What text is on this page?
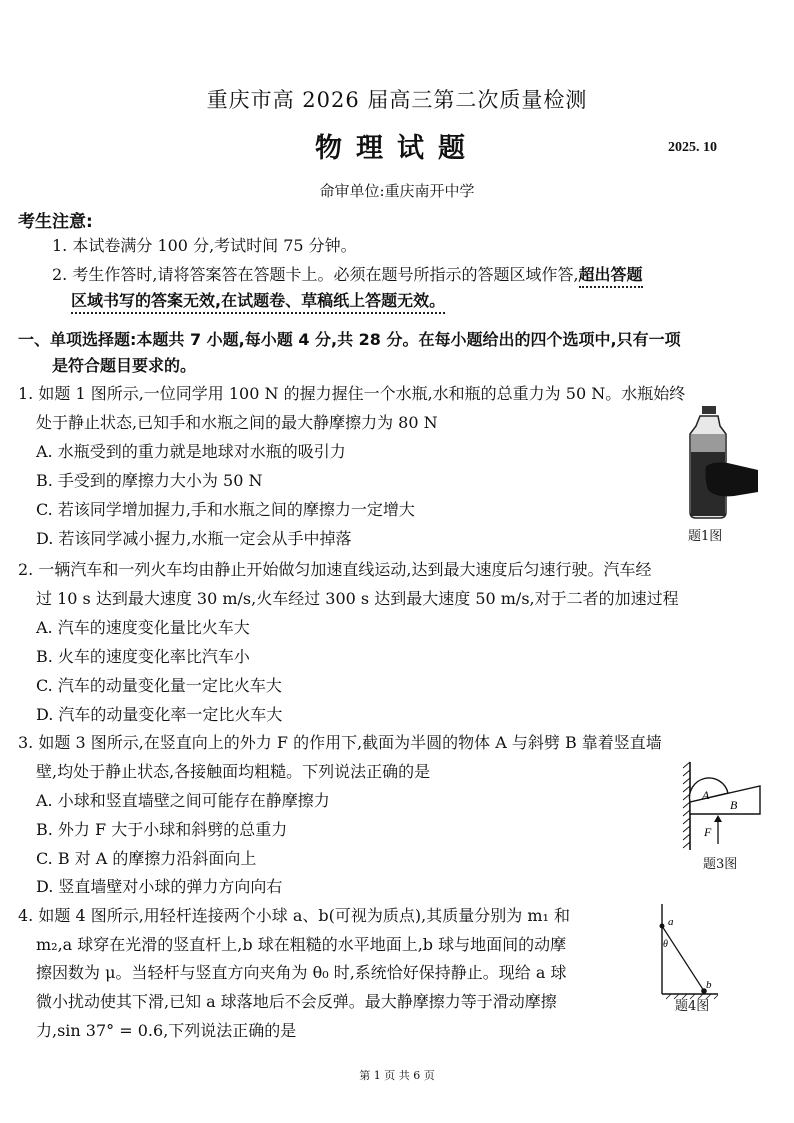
重庆市高 2026 届高三第二次质量检测
物理试题	2025. 10
命审单位:重庆南开中学
考生注意:
1. 本试卷满分 100 分,考试时间 75 分钟。
2. 考生作答时,请将答案答在答题卡上。必须在题号所指示的答题区域作答,超出答题
区域书写的答案无效,在试题卷、草稿纸上答题无效。
一、单项选择题:本题共 7 小题,每小题 4 分,共 28 分。在每小题给出的四个选项中,只有一项
是符合题目要求的。
1. 如题 1 图所示,一位同学用 100 N 的握力握住一个水瓶,水和瓶的总重力为 50 N。水瓶始终
处于静止状态,已知手和水瓶之间的最大静摩擦力为 80 N
A. 水瓶受到的重力就是地球对水瓶的吸引力
B. 手受到的摩擦力大小为 50 N
C. 若该同学增加握力,手和水瓶之间的摩擦力一定增大
D. 若该同学减小握力,水瓶一定会从手中掉落	题1图
2. 一辆汽车和一列火车均由静止开始做匀加速直线运动,达到最大速度后匀速行驶。汽车经
过 10 s 达到最大速度 30 m/s,火车经过 300 s 达到最大速度 50 m/s,对于二者的加速过程
A. 汽车的速度变化量比火车大
B. 火车的速度变化率比汽车小
C. 汽车的动量变化量一定比火车大
D. 汽车的动量变化率一定比火车大
3. 如题 3 图所示,在竖直向上的外力 F 的作用下,截面为半圆的物体 A 与斜劈 B 靠着竖直墙
壁,均处于静止状态,各接触面均粗糙。下列说法正确的是
A. 小球和竖直墙壁之间可能存在静摩擦力
B. 外力 F 大于小球和斜劈的总重力
C. B 对 A 的摩擦力沿斜面向上
D. 竖直墙壁对小球的弹力方向向右
A
B
F
题3图
4. 如题 4 图所示,用轻杆连接两个小球 a、b(可视为质点),其质量分别为 m₁ 和
m₂,a 球穿在光滑的竖直杆上,b 球在粗糙的水平地面上,b 球与地面间的动摩
擦因数为 μ。当轻杆与竖直方向夹角为 θ₀ 时,系统恰好保持静止。现给 a 球
微小扰动使其下滑,已知 a 球落地后不会反弹。最大静摩擦力等于滑动摩擦
力,sin 37° = 0.6,下列说法正确的是
a
b
θ
题4图
第 1 页 共 6 页
